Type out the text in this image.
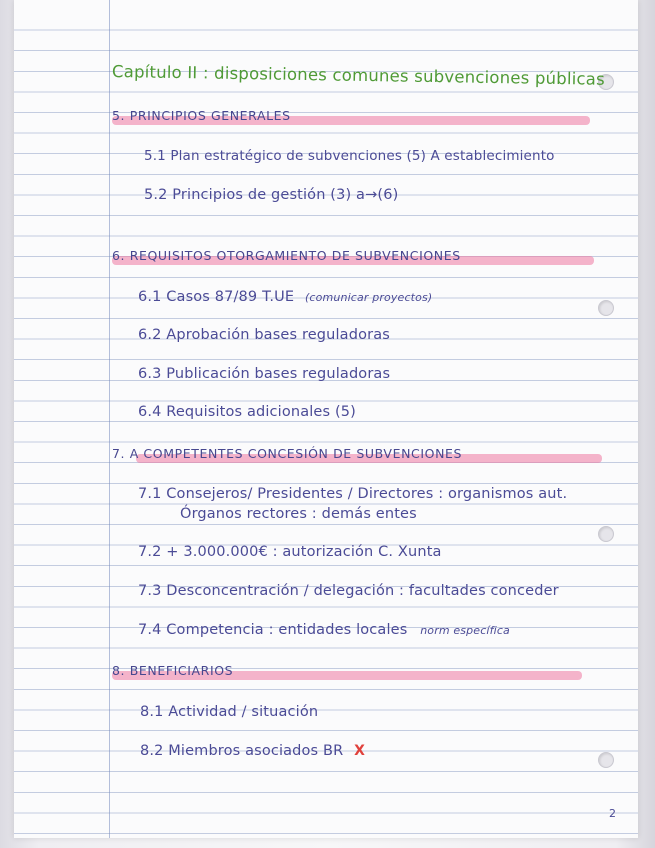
Capítulo II : disposiciones comunes subvenciones públicas
5. PRINCIPIOS GENERALES
5.1 Plan estratégico de subvenciones (5) A establecimiento
5.2 Principios de gestión (3) a→(6)
6. REQUISITOS OTORGAMIENTO DE SUBVENCIONES
6.1 Casos 87/89 T.UE (comunicar proyectos)
6.2 Aprobación bases reguladoras
6.3 Publicación bases reguladoras
6.4 Requisitos adicionales (5)
7. A COMPETENTES CONCESIÓN DE SUBVENCIONES
7.1 Consejeros/ Presidentes / Directores : organismos aut.
Órganos rectores : demás entes
7.2 + 3.000.000€ : autorización C. Xunta
7.3 Desconcentración / delegación : facultades conceder
7.4 Competencia : entidades locales norm específica
8. BENEFICIARIOS
8.1 Actividad / situación
8.2 Miembros asociados BR X
2
